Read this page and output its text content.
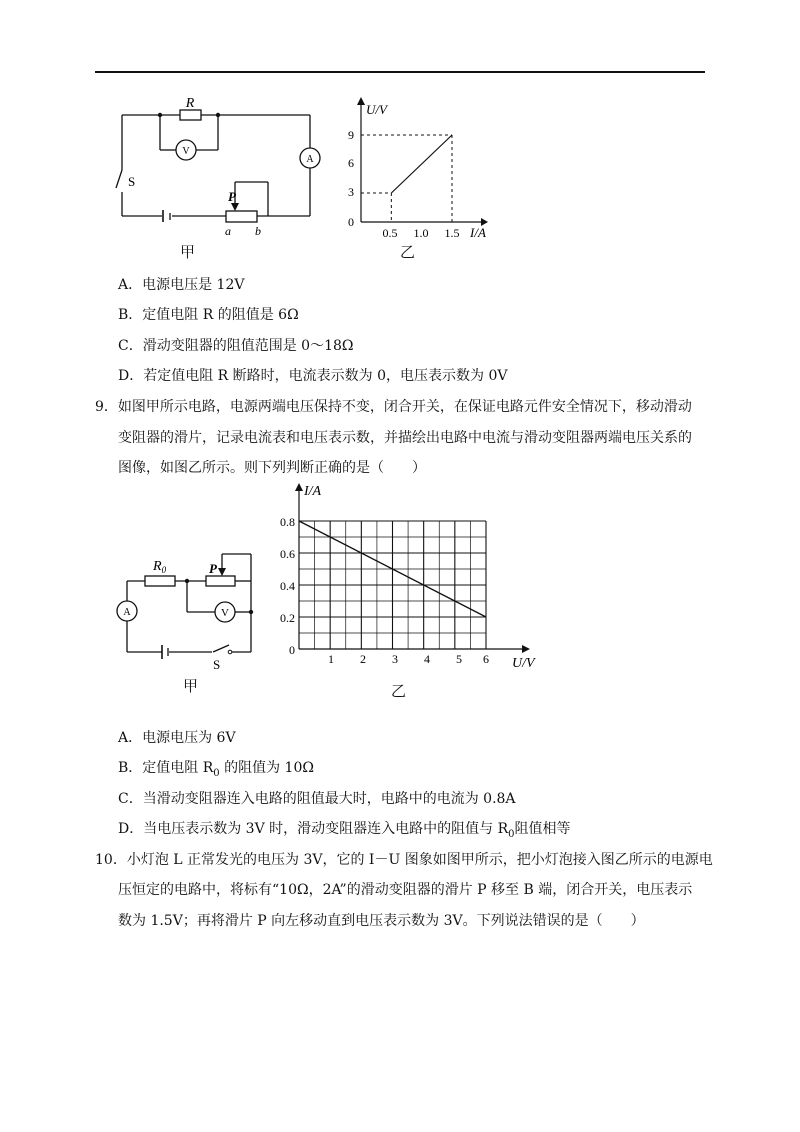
R
V
A
S
P
a b
甲
U/V
I/A
9
6
3
0
0.5 1.0 1.5
乙
A．电源电压是 12V
B．定值电阻 R 的阻值是 6Ω
C．滑动变阻器的阻值范围是 0～18Ω
D．若定值电阻 R 断路时，电流表示数为 0，电压表示数为 0V
9．如图甲所示电路，电源两端电压保持不变，闭合开关，在保证电路元件安全情况下，移动滑动
变阻器的滑片，记录电流表和电压表示数，并描绘出电路中电流与滑动变阻器两端电压关系的
图像，如图乙所示。则下列判断正确的是（　　）
$R_0$	P
A	V
S
甲
I/A
U/V
0.8
0.6
0.4
0.2
0
1 2 3 4 5 6
乙
A．电源电压为 6V
B．定值电阻 $R_0$ 的阻值为 10Ω
C．当滑动变阻器连入电路的阻值最大时，电路中的电流为 0.8A
D．当电压表示数为 3V 时，滑动变阻器连入电路中的阻值与 $R_0$阻值相等
10．小灯泡 L 正常发光的电压为 3V，它的 I－U 图象如图甲所示，把小灯泡接入图乙所示的电源电
压恒定的电路中，将标有“10Ω，2A”的滑动变阻器的滑片 P 移至 B 端，闭合开关，电压表示
数为 1.5V；再将滑片 P 向左移动直到电压表示数为 3V。下列说法错误的是（　　）
